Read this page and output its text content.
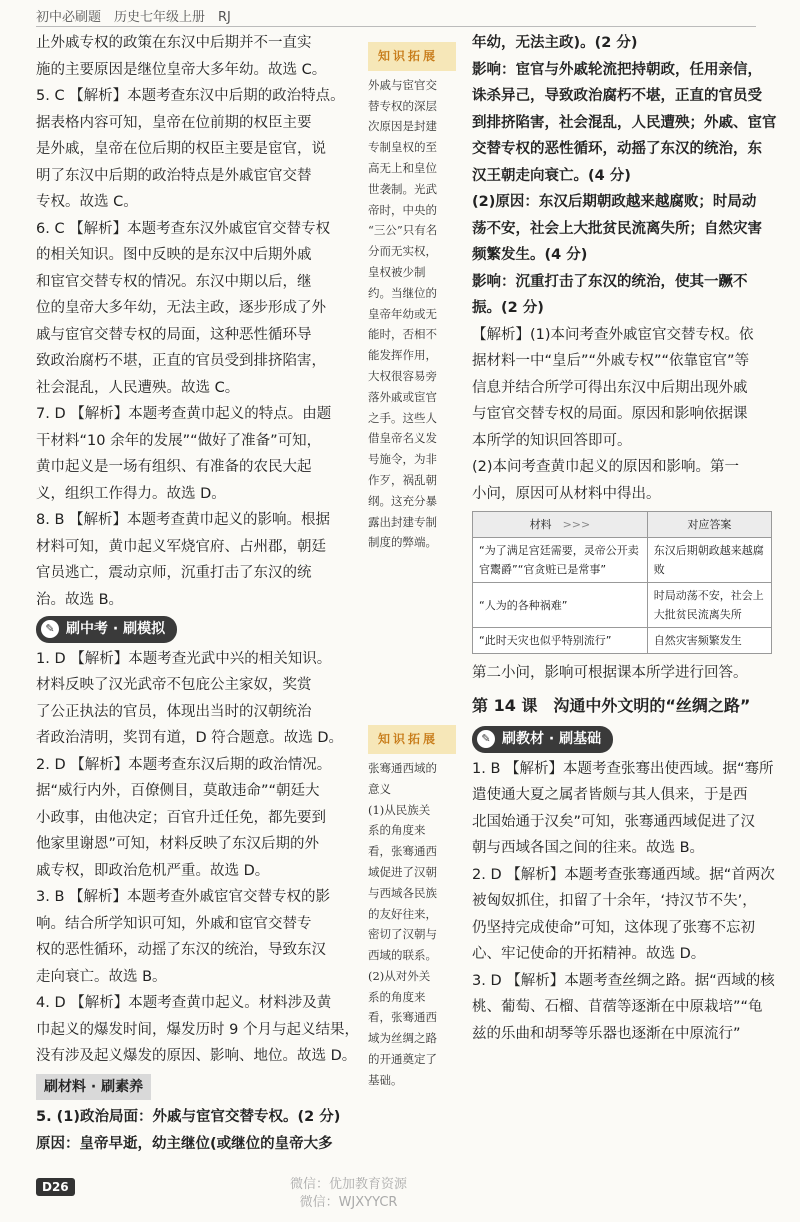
初中必刷题　历史七年级上册　RJ
止外戚专权的政策在东汉中后期并不一直实
施的主要原因是继位皇帝大多年幼。故选 C。
5. C 【解析】本题考查东汉中后期的政治特点。
据表格内容可知，皇帝在位前期的权臣主要
是外戚，皇帝在位后期的权臣主要是宦官，说
明了东汉中后期的政治特点是外戚宦官交替
专权。故选 C。
6. C 【解析】本题考查东汉外戚宦官交替专权
的相关知识。图中反映的是东汉中后期外戚
和宦官交替专权的情况。东汉中期以后，继
位的皇帝大多年幼，无法主政，逐步形成了外
戚与宦官交替专权的局面，这种恶性循环导
致政治腐朽不堪，正直的官员受到排挤陷害，
社会混乱，人民遭殃。故选 C。
7. D 【解析】本题考查黄巾起义的特点。由题
干材料“10 余年的发展”“做好了准备”可知，
黄巾起义是一场有组织、有准备的农民大起
义，组织工作得力。故选 D。
8. B 【解析】本题考查黄巾起义的影响。根据
材料可知，黄巾起义军烧官府、占州郡，朝廷
官员逃亡，震动京师，沉重打击了东汉的统
治。故选 B。
✎ 刷中考 · 刷模拟
1. D 【解析】本题考查光武中兴的相关知识。
材料反映了汉光武帝不包庇公主家奴，奖赏
了公正执法的官员，体现出当时的汉朝统治
者政治清明，奖罚有道，D 符合题意。故选 D。
2. D 【解析】本题考查东汉后期的政治情况。
据“威行内外，百僚侧目，莫敢违命”“朝廷大
小政事，由他决定；百官升迁任免，都先要到
他家里谢恩”可知，材料反映了东汉后期的外
戚专权，即政治危机严重。故选 D。
3. B 【解析】本题考查外戚宦官交替专权的影
响。结合所学知识可知，外戚和宦官交替专
权的恶性循环，动摇了东汉的统治，导致东汉
走向衰亡。故选 B。
4. D 【解析】本题考查黄巾起义。材料涉及黄
巾起义的爆发时间，爆发历时 9 个月与起义结果，
没有涉及起义爆发的原因、影响、地位。故选 D。
刷材料 · 刷素养
5. (1)政治局面：外戚与宦官交替专权。(2 分)
原因：皇帝早逝，幼主继位(或继位的皇帝大多
知识拓展
外戚与宦官交
替专权的深层
次原因是封建
专制皇权的至
高无上和皇位
世袭制。光武
帝时，中央的
“三公”只有名
分而无实权，
皇权被少制
约。当继位的
皇帝年幼或无
能时，否相不
能发挥作用，
大权很容易旁
落外戚或宦官
之手。这些人
借皇帝名义发
号施令，为非
作歹，祸乱朝
纲。这充分暴
露出封建专制
制度的弊端。
知识拓展
张骞通西域的
意义
(1)从民族关
系的角度来
看，张骞通西
域促进了汉朝
与西域各民族
的友好往来，
密切了汉朝与
西域的联系。
(2)从对外关
系的角度来
看，张骞通西
域为丝绸之路
的开通奠定了
基础。
年幼，无法主政)。(2 分)
影响：宦官与外戚轮流把持朝政，任用亲信，
诛杀异己，导致政治腐朽不堪，正直的官员受
到排挤陷害，社会混乱，人民遭殃；外戚、宦官
交替专权的恶性循环，动摇了东汉的统治，东
汉王朝走向衰亡。(4 分)
(2)原因：东汉后期朝政越来越腐败；时局动
荡不安，社会上大批贫民流离失所；自然灾害
频繁发生。(4 分)
影响：沉重打击了东汉的统治，使其一蹶不
振。(2 分)
【解析】(1)本问考查外戚宦官交替专权。依
据材料一中“皇后”“外戚专权”“依靠宦官”等
信息并结合所学可得出东汉中后期出现外戚
与宦官交替专权的局面。原因和影响依据课
本所学的知识回答即可。
(2)本问考查黄巾起义的原因和影响。第一
小问，原因可从材料中得出。
材料　 >>>	对应答案
“为了满足宫廷需要，灵帝公开卖官鬻爵”“官贪赃已是常事”	东汉后期朝政越来越腐败
“人为的各种祸难”	时局动荡不安，社会上大批贫民流离失所
“此时天灾也似乎特别流行”	自然灾害频繁发生
第二小问，影响可根据课本所学进行回答。
第 14 课　沟通中外文明的“丝绸之路”
✎ 刷教材 · 刷基础
1. B 【解析】本题考查张骞出使西域。据“骞所
遣使通大夏之属者皆颇与其人俱来，于是西
北国始通于汉矣”可知，张骞通西域促进了汉
朝与西域各国之间的往来。故选 B。
2. D 【解析】本题考查张骞通西域。据“首两次
被匈奴抓住，扣留了十余年，‘持汉节不失’，
仍坚持完成使命”可知，这体现了张骞不忘初
心、牢记使命的开拓精神。故选 D。
3. D 【解析】本题考查丝绸之路。据“西域的核
桃、葡萄、石榴、苜蓿等逐渐在中原栽培”“龟
兹的乐曲和胡琴等乐器也逐渐在中原流行”
D26	微信：优加教育资源
微信：WJXYYCR
